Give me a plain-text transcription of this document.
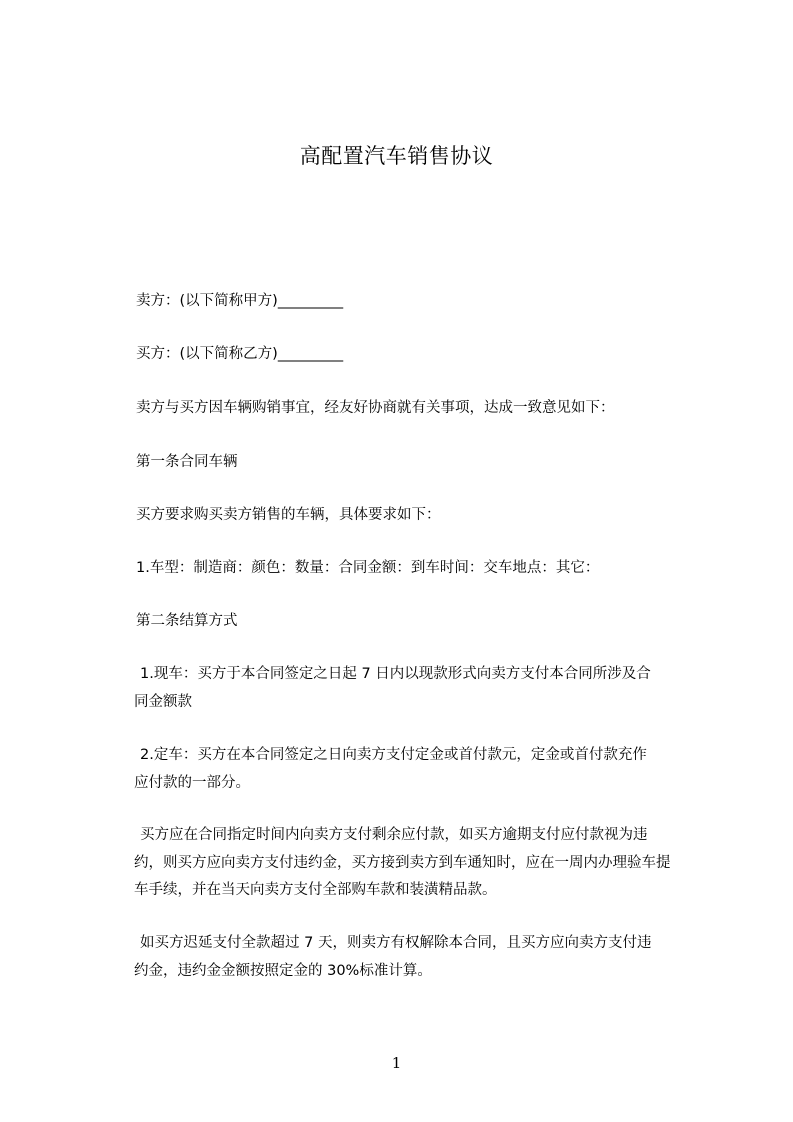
高配置汽车销售协议
卖方：(以下简称甲方)_________
买方：(以下简称乙方)_________
卖方与买方因车辆购销事宜，经友好协商就有关事项，达成一致意见如下：
第一条合同车辆
买方要求购买卖方销售的车辆，具体要求如下：
1.车型：制造商：颜色：数量：合同金额：到车时间：交车地点：其它：
第二条结算方式
1.现车：买方于本合同签定之日起 7 日内以现款形式向卖方支付本合同所涉及合
同金额款
2.定车：买方在本合同签定之日向卖方支付定金或首付款元，定金或首付款充作
应付款的一部分。
买方应在合同指定时间内向卖方支付剩余应付款，如买方逾期支付应付款视为违
约，则买方应向卖方支付违约金，买方接到卖方到车通知时，应在一周内办理验车提
车手续，并在当天向卖方支付全部购车款和装潢精品款。
如买方迟延支付全款超过 7 天，则卖方有权解除本合同，且买方应向卖方支付违
约金，违约金金额按照定金的 30%标准计算。
1
